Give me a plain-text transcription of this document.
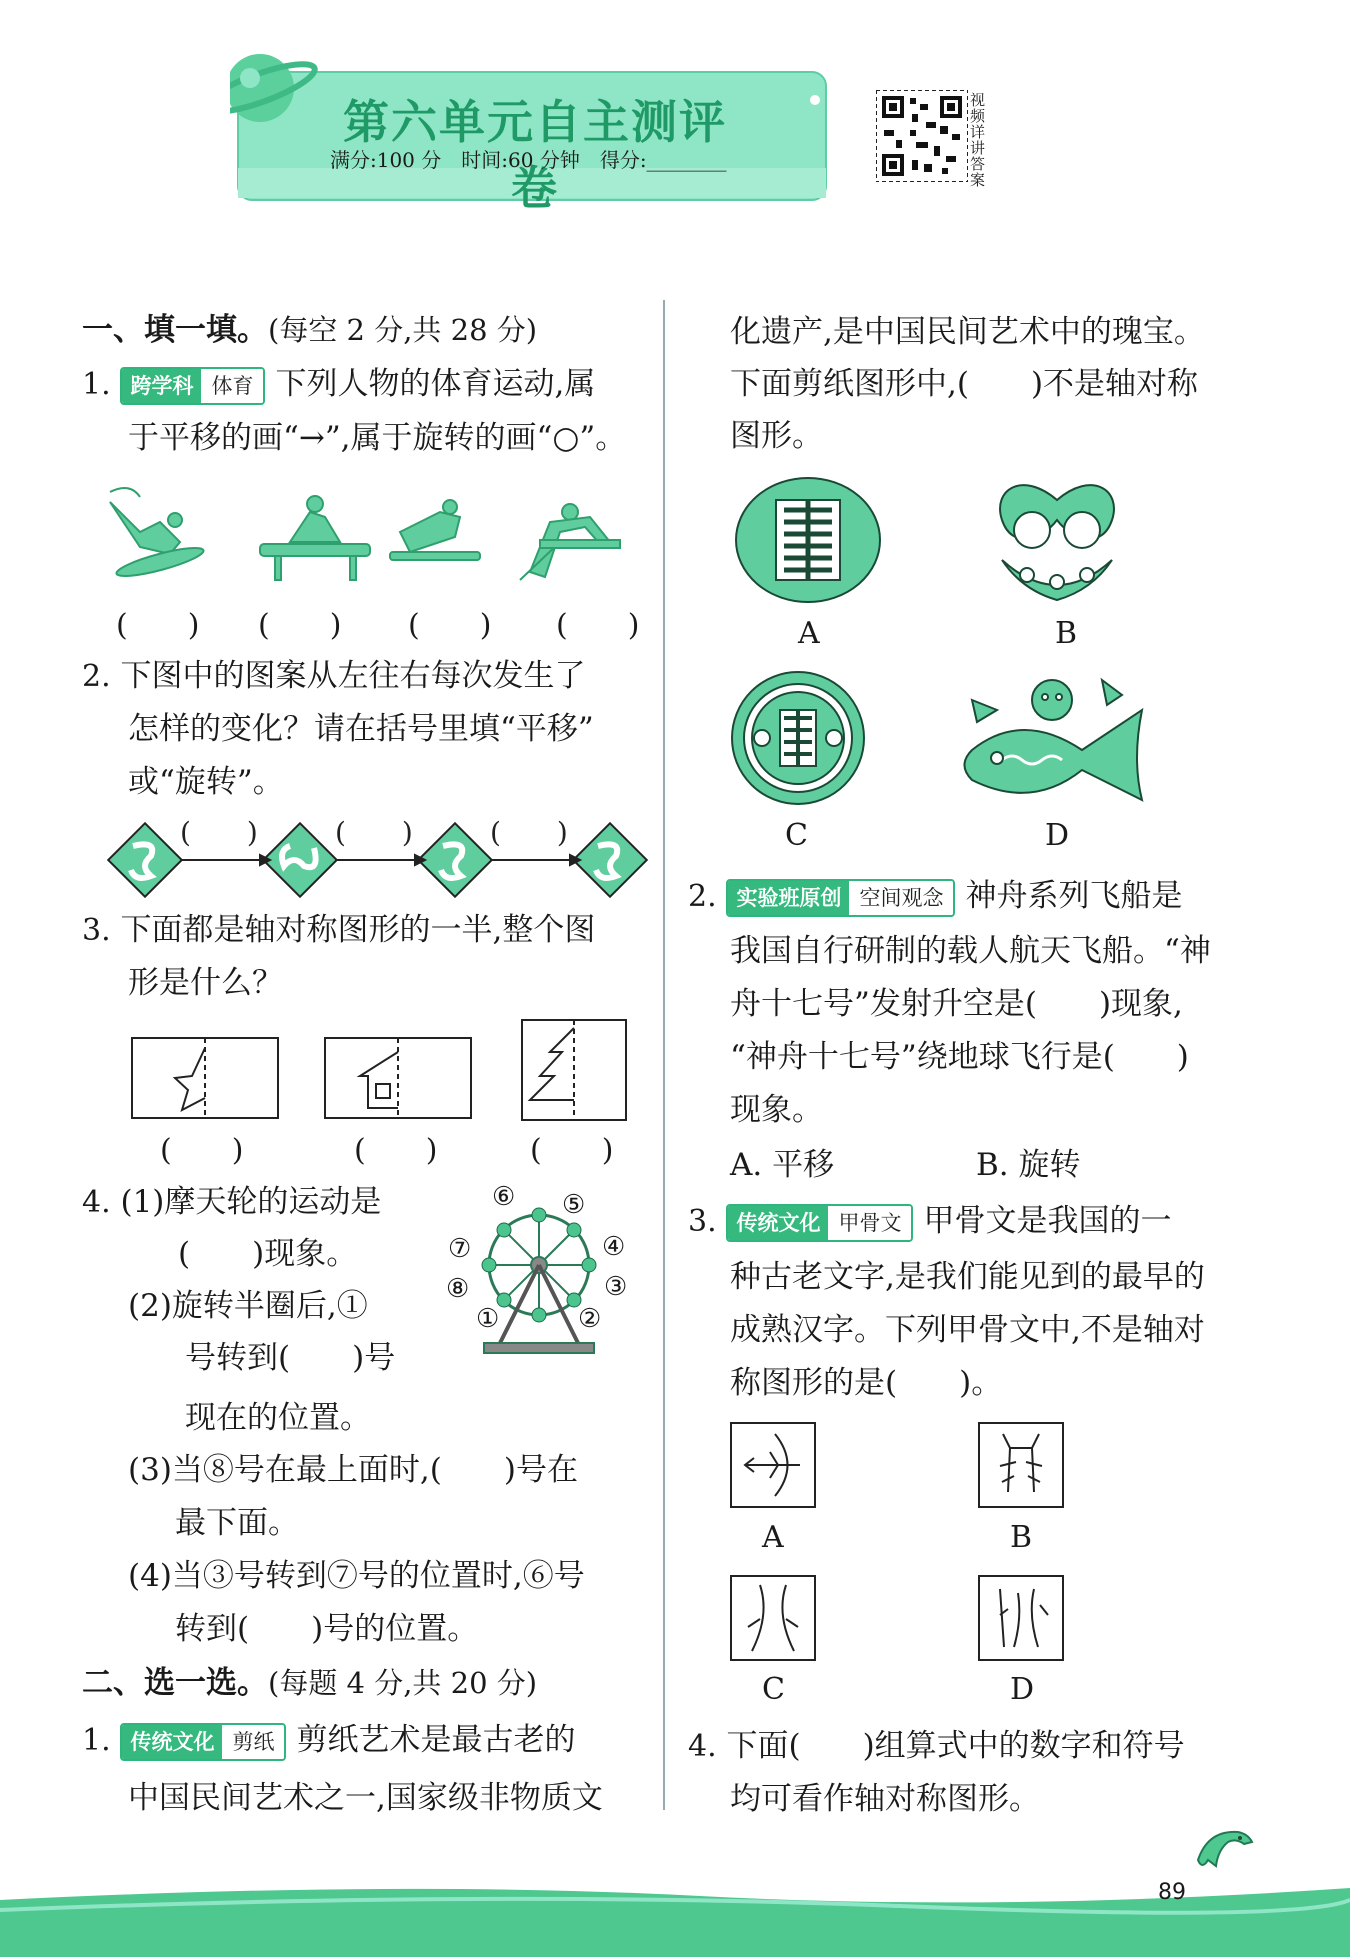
第六单元自主测评卷
满分:100 分　时间:60 分钟　得分:________
视频详讲答案
一、填一填。(每空 2 分,共 28 分)
1. 跨学科 体育 下列人物的体育运动,属
于平移的画“→”,属于旋转的画“○”。
(　　) (　　) (　　) (　　)
2. 下图中的图案从左往右每次发生了
怎样的变化？请在括号里填“平移”
或“旋转”。
(　　)	(　　)	(　　)
3. 下面都是轴对称图形的一半,整个图
形是什么？
(　　)	(　　)	(　　)
4. (1)摩天轮的运动是
(　　)现象。
(2)旋转半圈后,①
号转到(　　)号
现在的位置。
(3)当⑧号在最上面时,(　　)号在
最下面。
(4)当③号转到⑦号的位置时,⑥号
转到(　　)号的位置。
⑥ ⑤
④
③
②
①
⑧
⑦
二、选一选。(每题 4 分,共 20 分)
1. 传统文化 剪纸 剪纸艺术是最古老的
中国民间艺术之一,国家级非物质文
化遗产,是中国民间艺术中的瑰宝。
下面剪纸图形中,(　　)不是轴对称
图形。
A	B
C	D
2. 实验班原创 空间观念 神舟系列飞船是
我国自行研制的载人航天飞船。“神
舟十七号”发射升空是(　　)现象,
“神舟十七号”绕地球飞行是(　　)
现象。
A. 平移	B. 旋转
3. 传统文化 甲骨文 甲骨文是我国的一
种古老文字,是我们能见到的最早的
成熟汉字。下列甲骨文中,不是轴对
称图形的是(　　)。
A	B
C	D
4. 下面(　　)组算式中的数字和符号
均可看作轴对称图形。
89
